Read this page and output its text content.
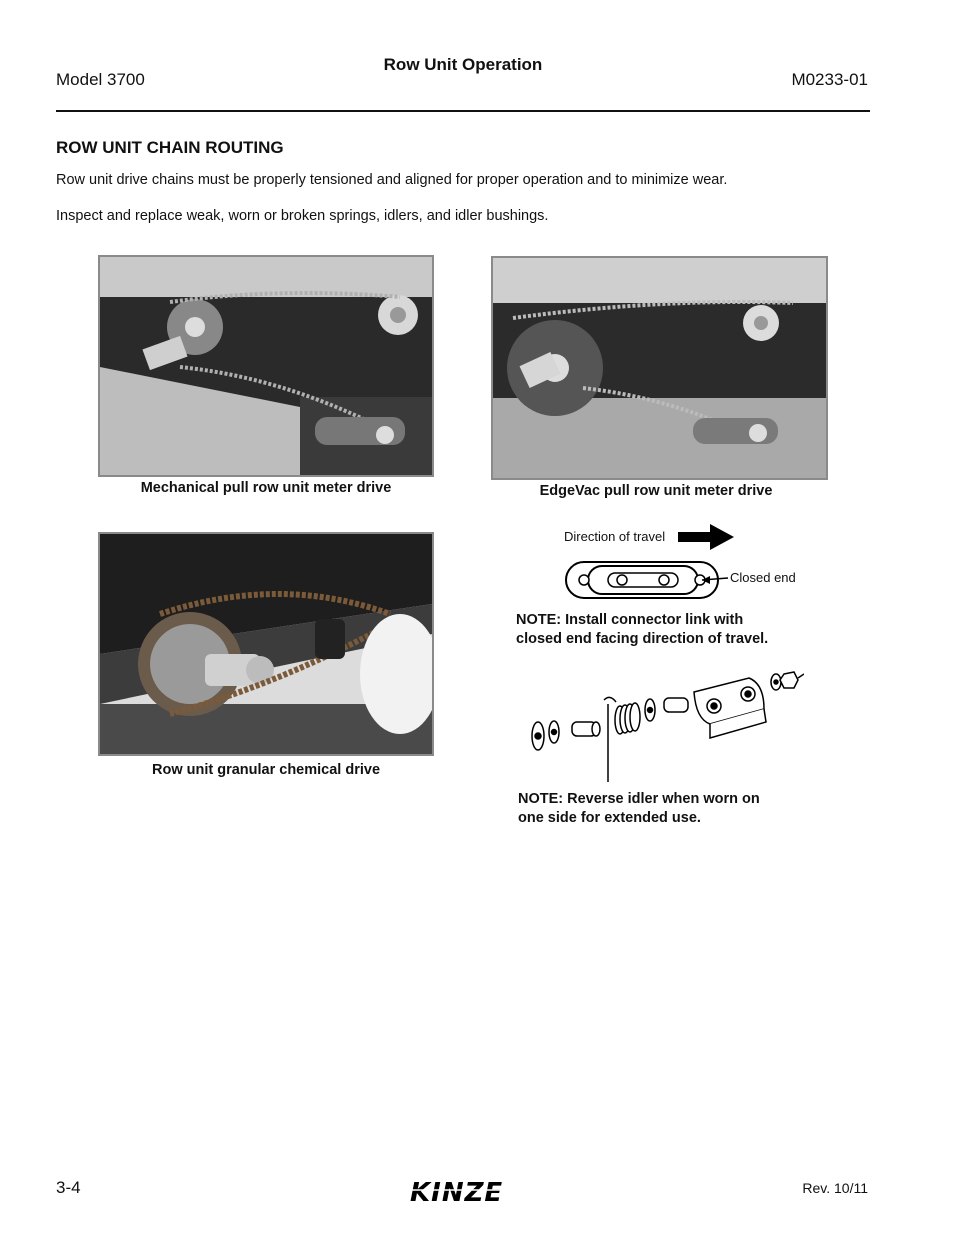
Row Unit Operation
Model 3700	M0233-01
ROW UNIT CHAIN ROUTING
Row unit drive chains must be properly tensioned and aligned for proper operation and to minimize wear.
Inspect and replace weak, worn or broken springs, idlers, and idler bushings.
Mechanical pull row unit meter drive	EdgeVac pull row unit meter drive
Row unit granular chemical drive
Direction of travel
Closed end
NOTE: Install connector link with
closed end facing direction of travel.
NOTE: Reverse idler when worn on
one side for extended use.
3-4	KINZE	Rev. 10/11
